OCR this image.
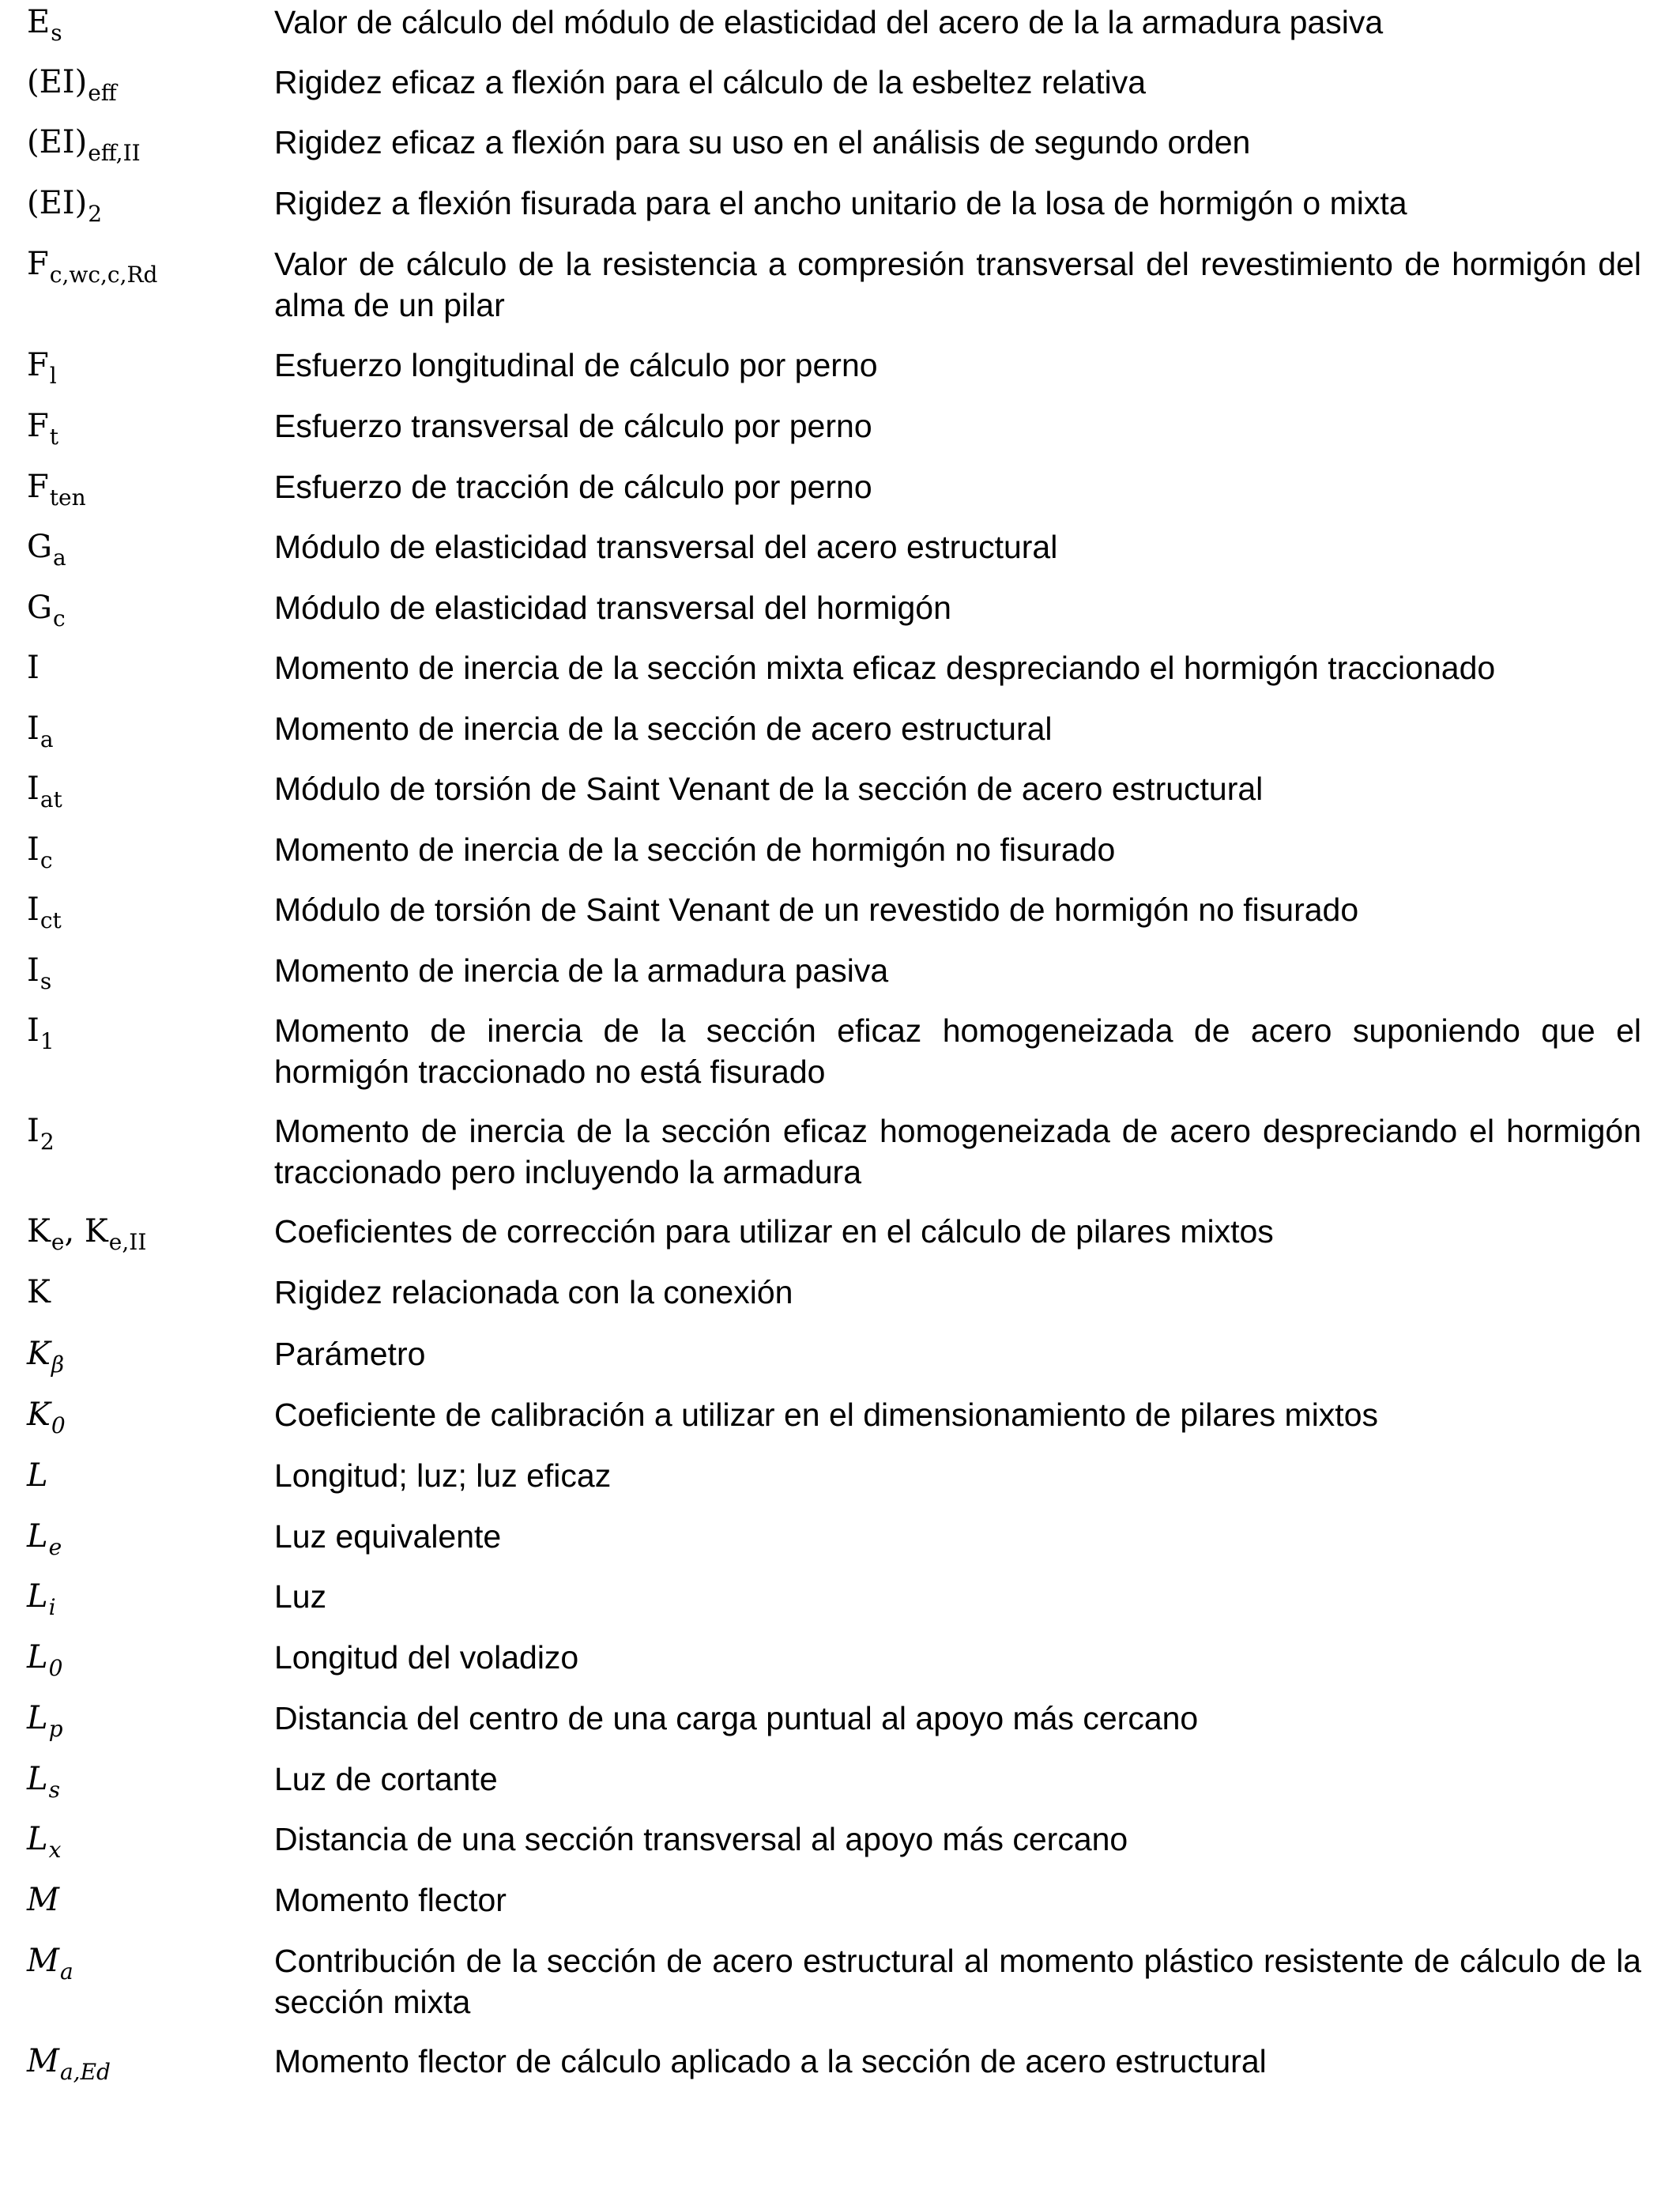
$E_s$	Valor de cálculo del módulo de elasticidad del acero de la la armadura pasiva
$(EI)_{eff}$	Rigidez eficaz a flexión para el cálculo de la esbeltez relativa
$(EI)_{eff,II}$	Rigidez eficaz a flexión para su uso en el análisis de segundo orden
$(EI)_2$	Rigidez a flexión fisurada para el ancho unitario de la losa de hormigón o mixta
$F_{c,wc,c,Rd}$	Valor de cálculo de la resistencia a compresión transversal del revestimiento de hormigón del alma de un pilar
$F_l$	Esfuerzo longitudinal de cálculo por perno
$F_t$	Esfuerzo transversal de cálculo por perno
$F_{ten}$	Esfuerzo de tracción de cálculo por perno
$G_a$	Módulo de elasticidad transversal del acero estructural
$G_c$	Módulo de elasticidad transversal del hormigón
I	Momento de inercia de la sección mixta eficaz despreciando el hormigón traccionado
$I_a$	Momento de inercia de la sección de acero estructural
$I_{at}$	Módulo de torsión de Saint Venant de la sección de acero estructural
$I_c$	Momento de inercia de la sección de hormigón no fisurado
$I_{ct}$	Módulo de torsión de Saint Venant de un revestido de hormigón no fisurado
$I_s$	Momento de inercia de la armadura pasiva
$I_1$	Momento de inercia de la sección eficaz homogeneizada de acero suponiendo que el hormigón traccionado no está fisurado
$I_2$	Momento de inercia de la sección eficaz homogeneizada de acero despreciando el hormigón traccionado pero incluyendo la armadura
$K_e$, $K_{e,II}$	Coeficientes de corrección para utilizar en el cálculo de pilares mixtos
K	Rigidez relacionada con la conexión
$K_\beta$	Parámetro
$K_0$	Coeficiente de calibración a utilizar en el dimensionamiento de pilares mixtos
L	Longitud; luz; luz eficaz
$L_e$	Luz equivalente
$L_i$	Luz
$L_0$	Longitud del voladizo
$L_p$	Distancia del centro de una carga puntual al apoyo más cercano
$L_s$	Luz de cortante
$L_x$	Distancia de una sección transversal al apoyo más cercano
M	Momento flector
$M_a$	Contribución de la sección de acero estructural al momento plástico resistente de cálculo de la sección mixta
$M_{a,Ed}$	Momento flector de cálculo aplicado a la sección de acero estructural
